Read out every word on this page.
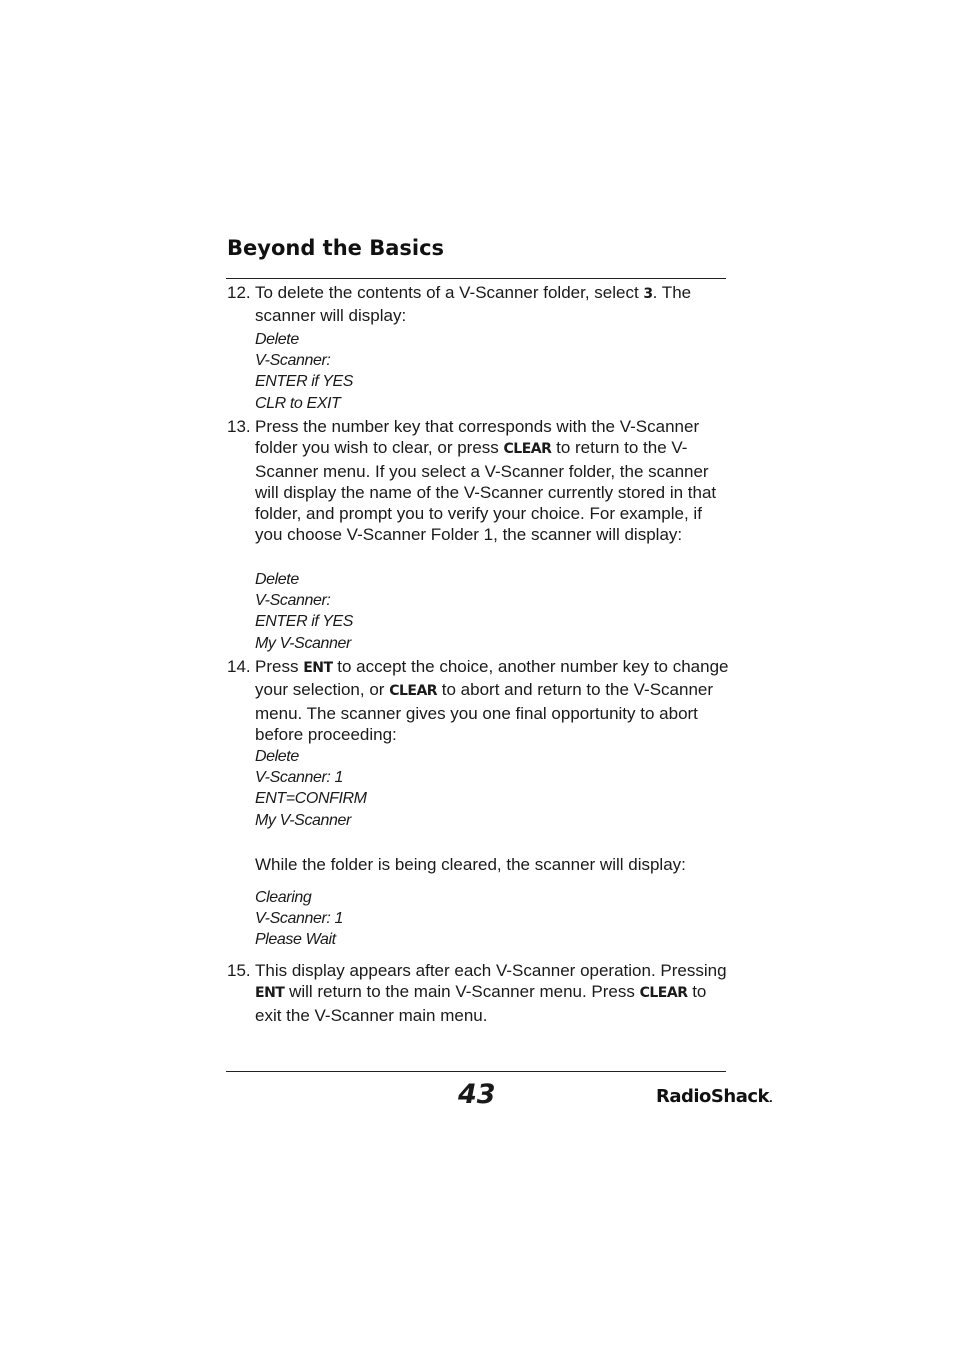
Beyond the Basics
12. To delete the contents of a V-Scanner folder, select 3. The scanner will display:
Delete
V-Scanner:
ENTER if YES
CLR to EXIT
13. Press the number key that corresponds with the V-Scanner folder you wish to clear, or press CLEAR to return to the V-Scanner menu. If you select a V-Scanner folder, the scanner will display the name of the V-Scanner currently stored in that folder, and prompt you to verify your choice. For example, if you choose V-Scanner Folder 1, the scanner will display:
Delete
V-Scanner:
ENTER if YES
My V-Scanner
14. Press ENT to accept the choice, another number key to change your selection, or CLEAR to abort and return to the V-Scanner menu. The scanner gives you one final opportunity to abort before proceeding:
Delete
V-Scanner: 1
ENT=CONFIRM
My V-Scanner
While the folder is being cleared, the scanner will display:
Clearing
V-Scanner: 1
Please Wait
15. This display appears after each V-Scanner operation. Pressing ENT will return to the main V-Scanner menu. Press CLEAR to exit the V-Scanner main menu.
43	RadioShack.
